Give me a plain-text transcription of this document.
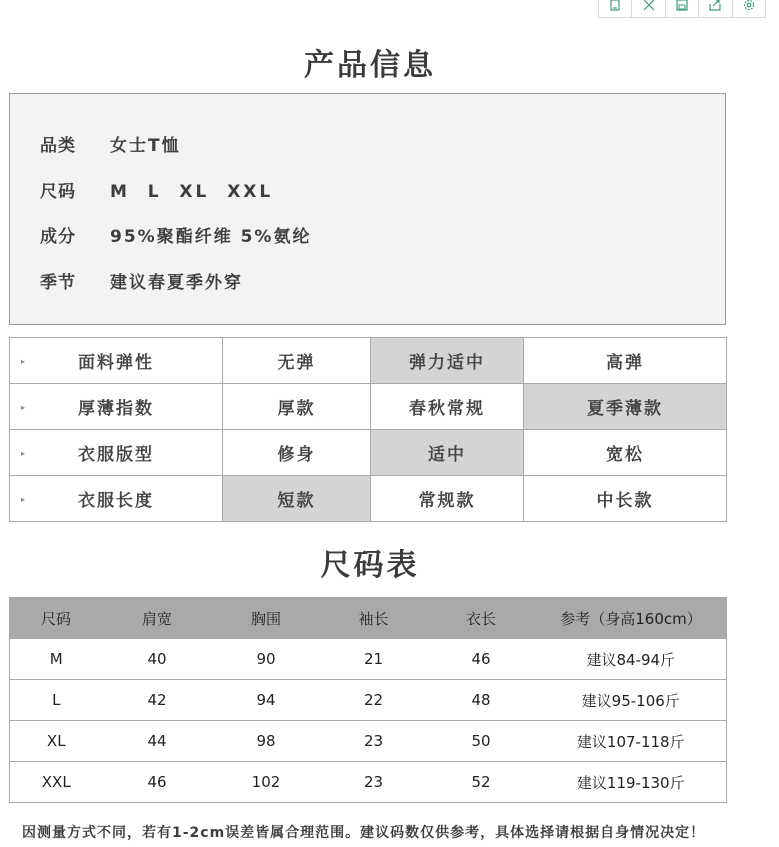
产品信息
品类 女士T恤
尺码 M  L  XL  XXL
成分 95%聚酯纤维 5%氨纶
季节 建议春夏季外穿
▸ 面料弹性	无弹	弹力适中	高弹

▸ 厚薄指数	厚款	春秋常规	夏季薄款

▸ 衣服版型	修身	适中	宽松

▸ 衣服长度	短款	常规款	中长款
尺码表
尺码	肩宽	胸围	袖长	衣长	参考（身高160cm）
M	40	90	21	46	建议84-94斤
L	42	94	22	48	建议95-106斤
XL	44	98	23	50	建议107-118斤
XXL	46	102	23	52	建议119-130斤
因测量方式不同，若有1-2cm误差皆属合理范围。建议码数仅供参考，具体选择请根据自身情况决定！
